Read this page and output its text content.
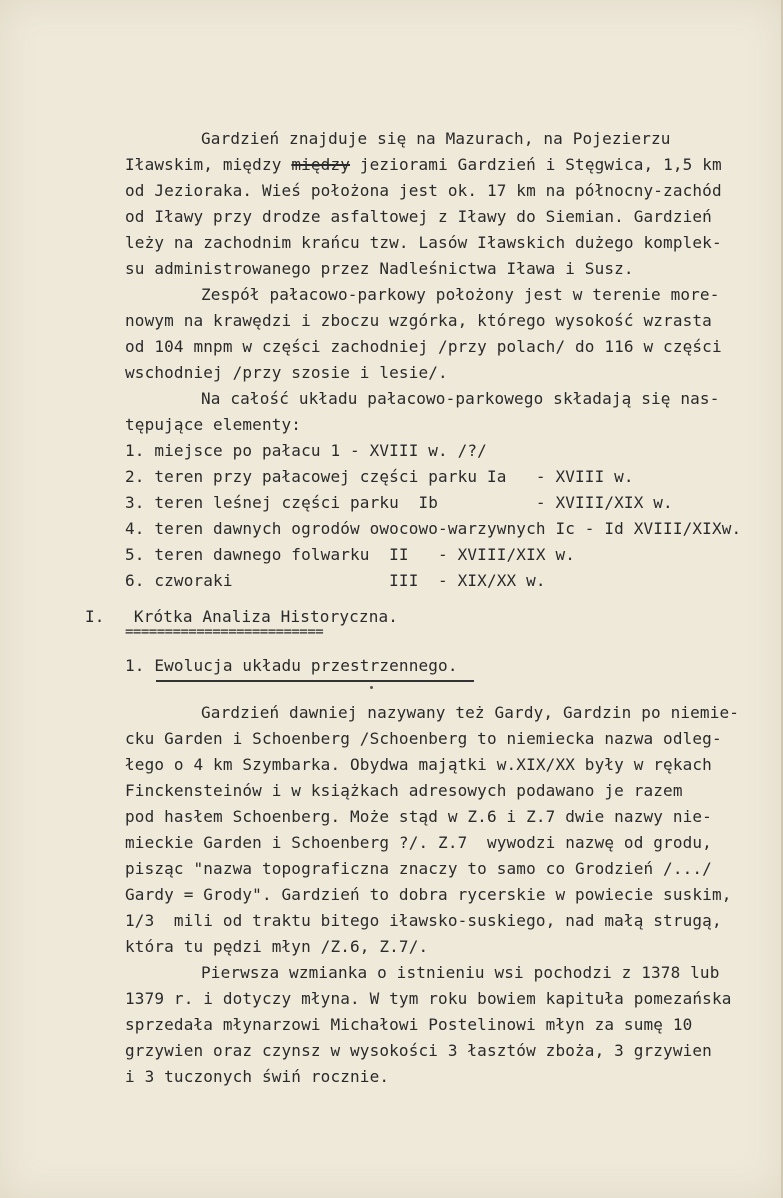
Gardzień znajduje się na Mazurach, na Pojezierzu
Iławskim, między między jeziorami Gardzień i Stęgwica, 1,5 km
od Jezioraka. Wieś położona jest ok. 17 km na północny-zachód
od Iławy przy drodze asfaltowej z Iławy do Siemian. Gardzień
leży na zachodnim krańcu tzw. Lasów Iławskich dużego komplek-
su administrowanego przez Nadleśnictwa Iława i Susz.
Zespół pałacowo-parkowy położony jest w terenie more-
nowym na krawędzi i zboczu wzgórka, którego wysokość wzrasta
od 104 mnpm w części zachodniej /przy polach/ do 116 w części
wschodniej /przy szosie i lesie/.
Na całość układu pałacowo-parkowego składają się nas-
tępujące elementy:
1. miejsce po pałacu 1 - XVIII w. /?/
2. teren przy pałacowej części parku Ia   - XVIII w.
3. teren leśnej części parku  Ib          - XVIII/XIX w.
4. teren dawnych ogrodów owocowo-warzywnych Ic - Id XVIII/XIXw.
5. teren dawnego folwarku  II   - XVIII/XIX w.
6. czworaki                III  - XIX/XX w.
I.   Krótka Analiza Historyczna.
=========================
1. Ewolucja układu przestrzennego.
Gardzień dawniej nazywany też Gardy, Gardzin po niemie-
cku Garden i Schoenberg /Schoenberg to niemiecka nazwa odleg-
łego o 4 km Szymbarka. Obydwa majątki w.XIX/XX były w rękach
Finckensteinów i w książkach adresowych podawano je razem
pod hasłem Schoenberg. Może stąd w Z.6 i Z.7 dwie nazwy nie-
mieckie Garden i Schoenberg ?/. Z.7  wywodzi nazwę od grodu,
pisząc "nazwa topograficzna znaczy to samo co Grodzień /.../
Gardy = Grody". Gardzień to dobra rycerskie w powiecie suskim,
1/3  mili od traktu bitego iławsko-suskiego, nad małą strugą,
która tu pędzi młyn /Z.6, Z.7/.
Pierwsza wzmianka o istnieniu wsi pochodzi z 1378 lub
1379 r. i dotyczy młyna. W tym roku bowiem kapituła pomezańska
sprzedała młynarzowi Michałowi Postelinowi młyn za sumę 10
grzywien oraz czynsz w wysokości 3 łasztów zboża, 3 grzywien
i 3 tuczonych świń rocznie.
